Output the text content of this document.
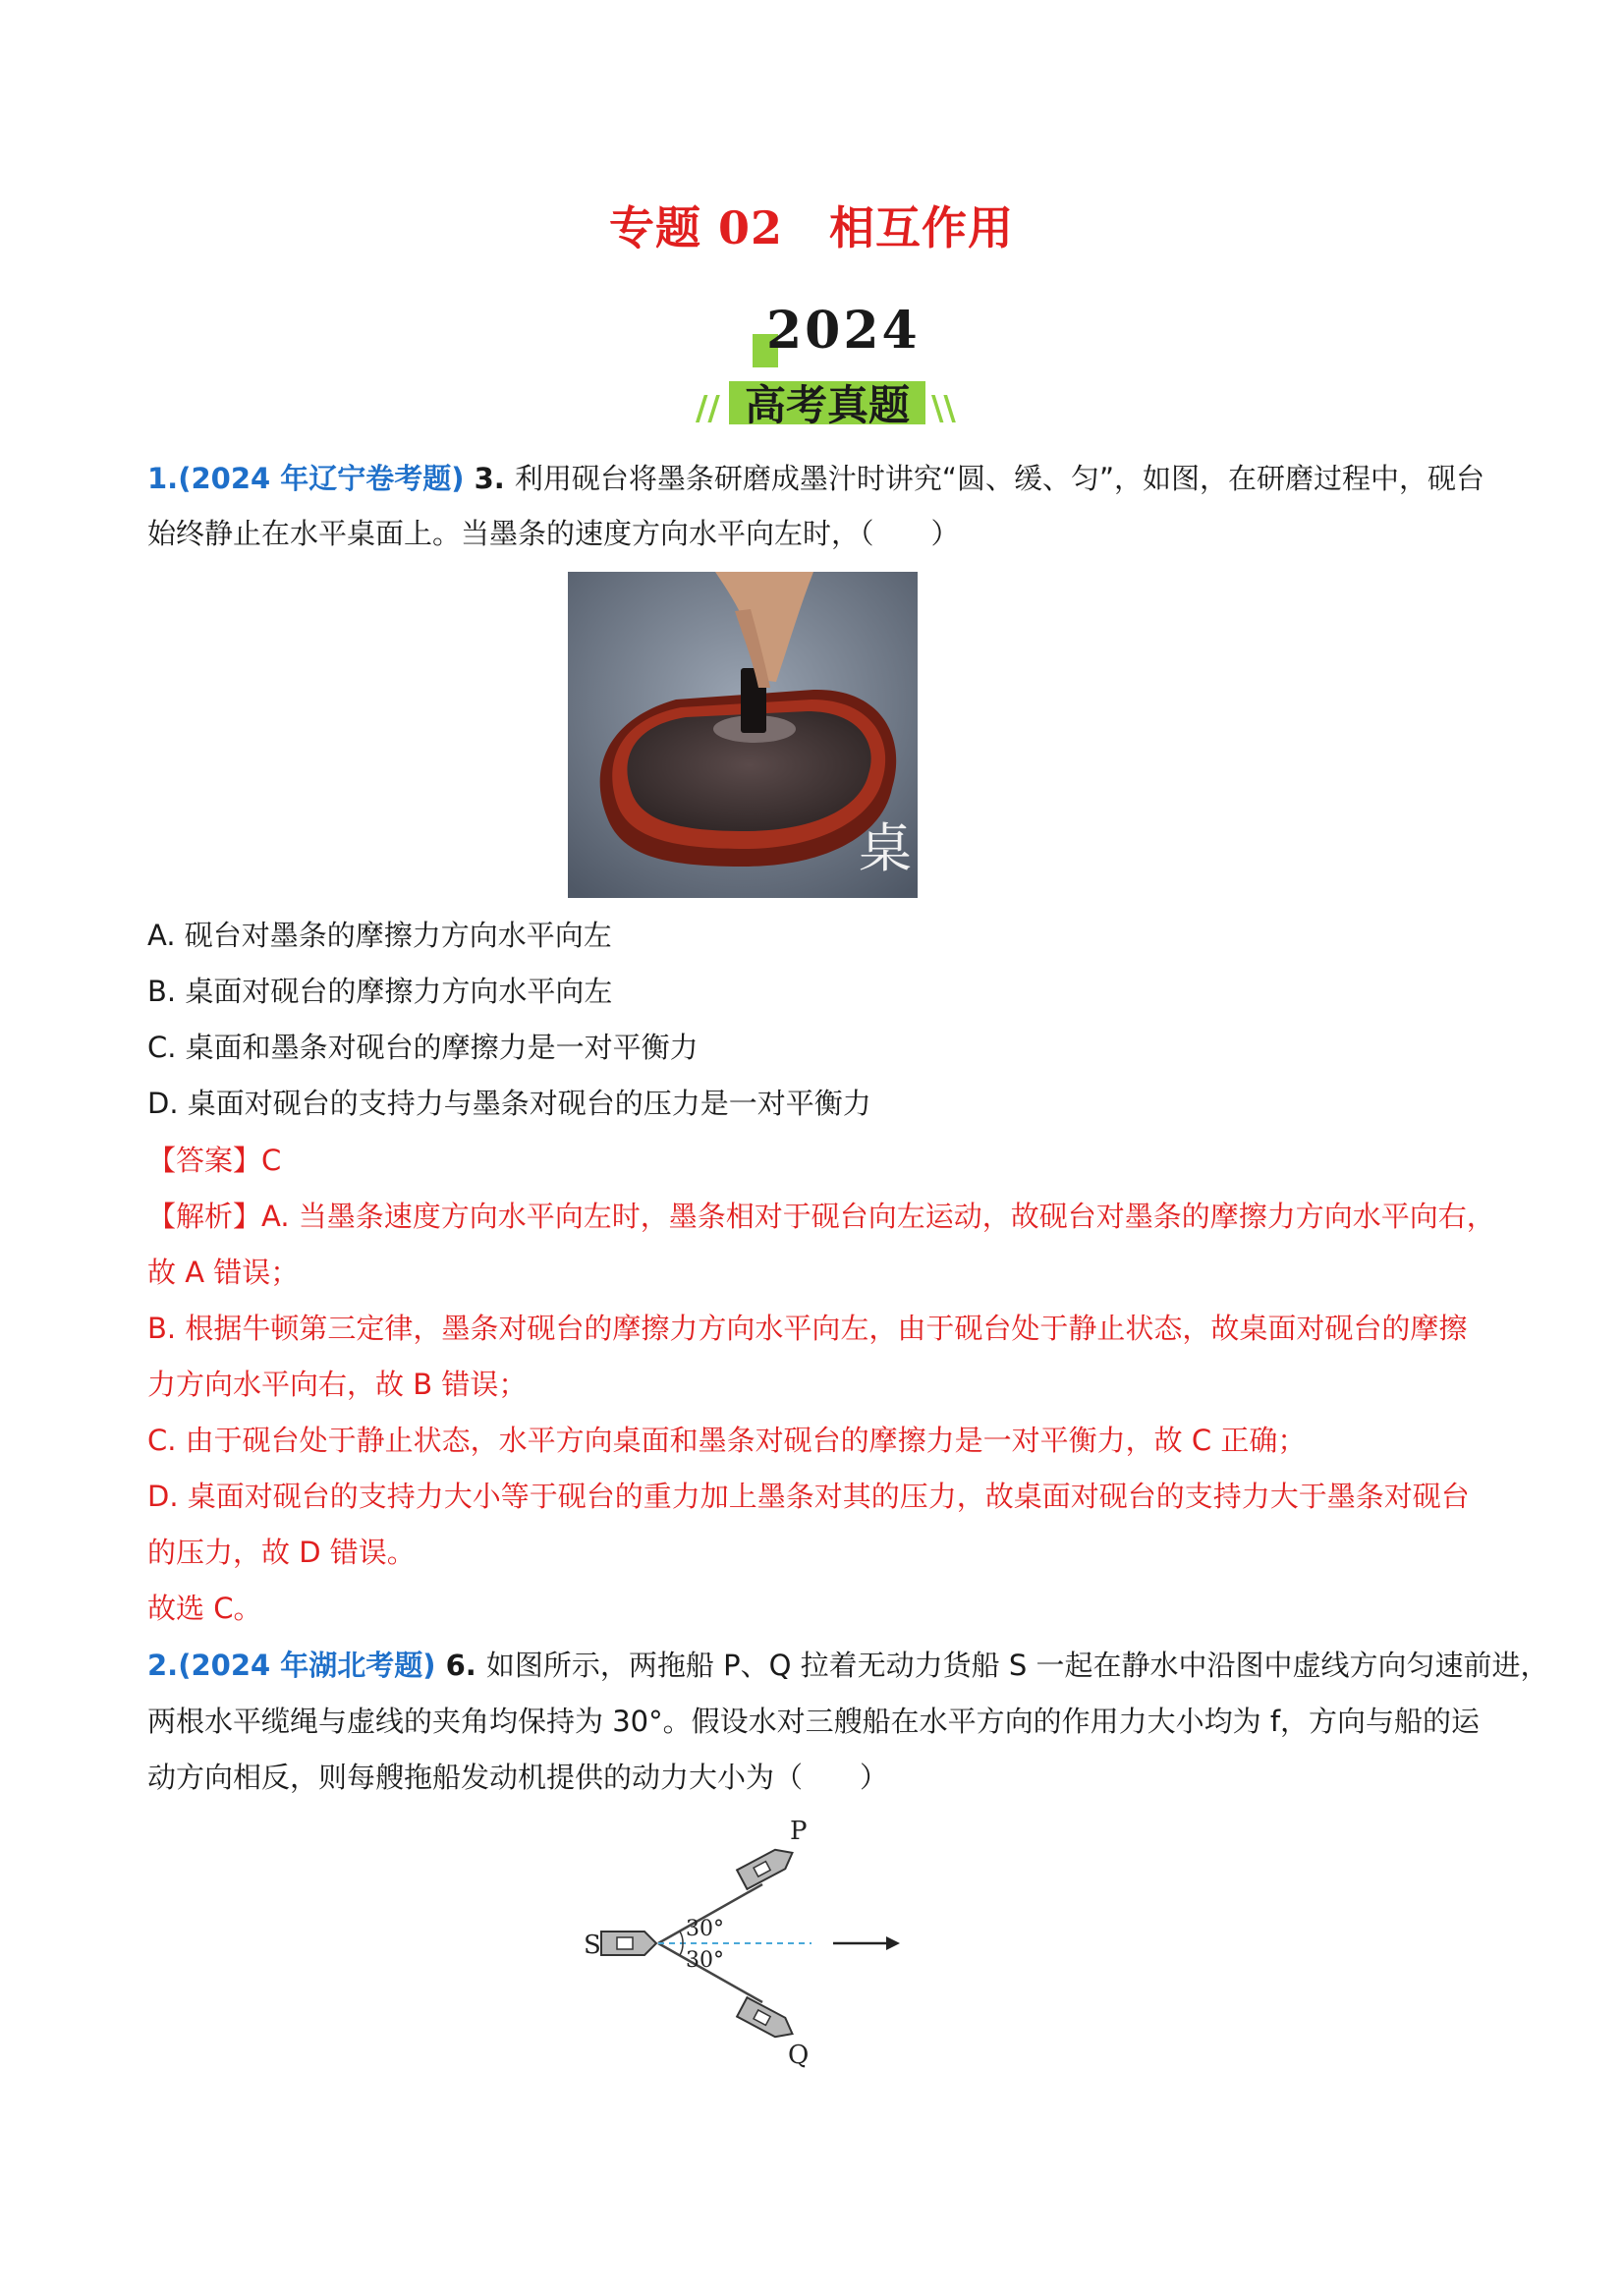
专题 02　相互作用
2024
//	\\
高考真题
1.(2024 年辽宁卷考题) 3. 利用砚台将墨条研磨成墨汁时讲究“圆、缓、匀”，如图，在研磨过程中，砚台
始终静止在水平桌面上。当墨条的速度方向水平向左时，（　　）
桌
A. 砚台对墨条的摩擦力方向水平向左
B. 桌面对砚台的摩擦力方向水平向左
C. 桌面和墨条对砚台的摩擦力是一对平衡力
D. 桌面对砚台的支持力与墨条对砚台的压力是一对平衡力
【答案】C
【解析】A. 当墨条速度方向水平向左时，墨条相对于砚台向左运动，故砚台对墨条的摩擦力方向水平向右，
故 A 错误；
B. 根据牛顿第三定律，墨条对砚台的摩擦力方向水平向左，由于砚台处于静止状态，故桌面对砚台的摩擦
力方向水平向右，故 B 错误；
C. 由于砚台处于静止状态，水平方向桌面和墨条对砚台的摩擦力是一对平衡力，故 C 正确；
D. 桌面对砚台的支持力大小等于砚台的重力加上墨条对其的压力，故桌面对砚台的支持力大于墨条对砚台
的压力，故 D 错误。
故选 C。
2.(2024 年湖北考题) 6. 如图所示，两拖船 P、Q 拉着无动力货船 S 一起在静水中沿图中虚线方向匀速前进，
两根水平缆绳与虚线的夹角均保持为 30°。假设水对三艘船在水平方向的作用力大小均为 f，方向与船的运
动方向相反，则每艘拖船发动机提供的动力大小为（　　）
P
S
Q
30°
30°
